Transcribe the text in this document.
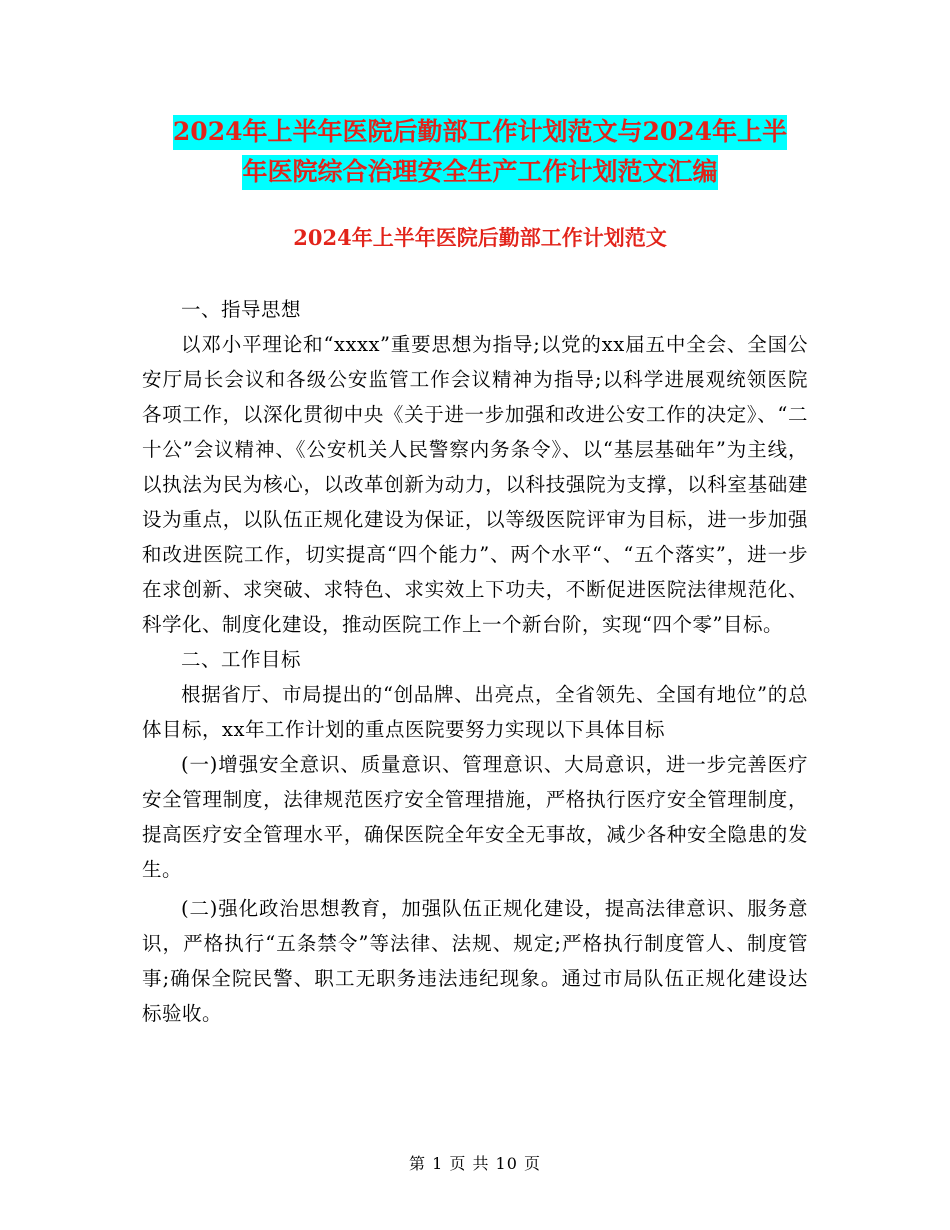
2024年上半年医院后勤部工作计划范文与2024年上半
年医院综合治理安全生产工作计划范文汇编
2024年上半年医院后勤部工作计划范文

一、指导思想

以邓小平理论和“xxxx”重要思想为指导;以党的xx届五中全会、全国公安厅局长会议和各级公安监管工作会议精神为指导;以科学进展观统领医院各项工作，以深化贯彻中央《关于进一步加强和改进公安工作的决定》、“二十公”会议精神、《公安机关人民警察内务条令》、以“基层基础年”为主线，以执法为民为核心，以改革创新为动力，以科技强院为支撑，以科室基础建设为重点，以队伍正规化建设为保证，以等级医院评审为目标，进一步加强和改进医院工作，切实提高“四个能力”、两个水平“、“五个落实”，进一步在求创新、求突破、求特色、求实效上下功夫，不断促进医院法律规范化、科学化、制度化建设，推动医院工作上一个新台阶，实现“四个零”目标。

二、工作目标

根据省厅、市局提出的“创品牌、出亮点，全省领先、全国有地位”的总体目标，xx年工作计划的重点医院要努力实现以下具体目标

(一)增强安全意识、质量意识、管理意识、大局意识，进一步完善医疗安全管理制度，法律规范医疗安全管理措施，严格执行医疗安全管理制度，提高医疗安全管理水平，确保医院全年安全无事故，减少各种安全隐患的发生。

(二)强化政治思想教育，加强队伍正规化建设，提高法律意识、服务意识，严格执行“五条禁令”等法律、法规、规定;严格执行制度管人、制度管事;确保全院民警、职工无职务违法违纪现象。通过市局队伍正规化建设达标验收。

第 1 页 共 10 页
